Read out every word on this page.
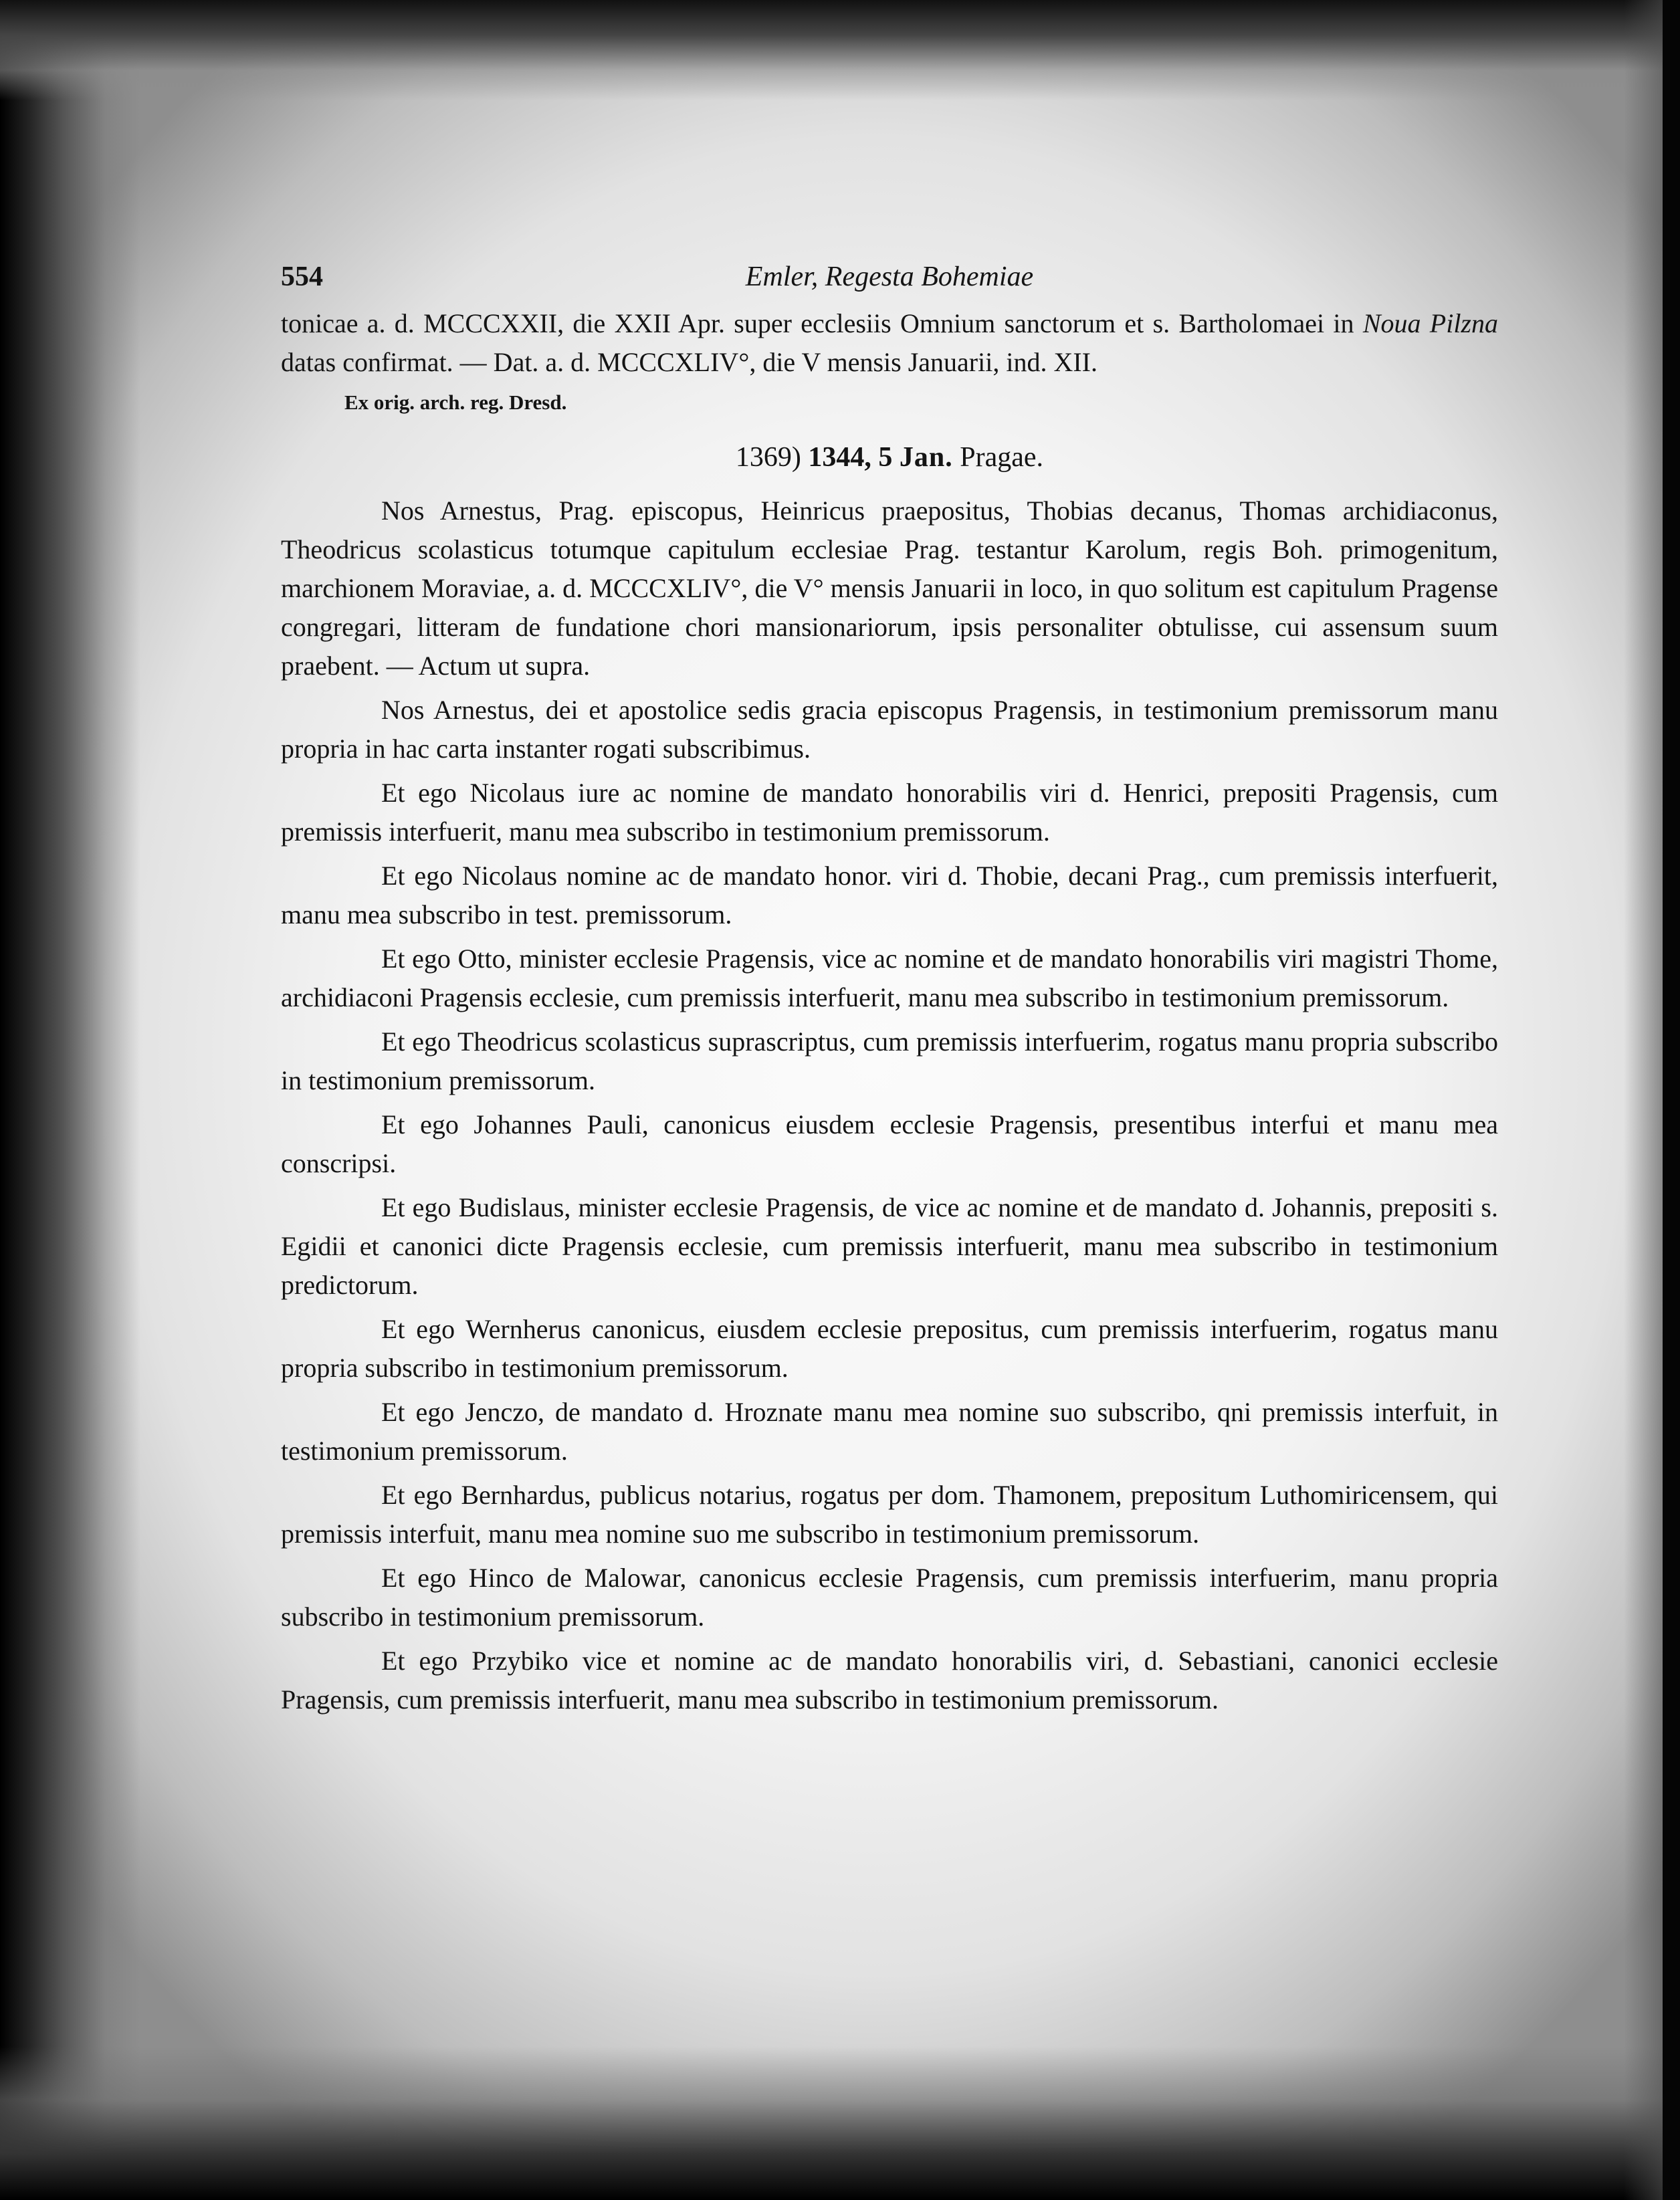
554	Emler, Regesta Bohemiae

tonicae a. d. MCCCXXII, die XXII Apr. super ecclesiis Omnium sanctorum et s. Bartholomaei in Noua Pilzna datas confirmat. — Dat. a. d. MCCCXLIV°, die V mensis Januarii, ind. XII.

Ex orig. arch. reg. Dresd.

1369) 1344, 5 Jan. Pragae.

Nos Arnestus, Prag. episcopus, Heinricus praepositus, Thobias decanus, Thomas archidiaconus, Theodricus scolasticus totumque capitulum ecclesiae Prag. testantur Karolum, regis Boh. primogenitum, marchionem Moraviae, a. d. MCCCXLIV°, die V° mensis Januarii in loco, in quo solitum est capitulum Pragense congregari, litteram de fundatione chori mansionariorum, ipsis personaliter obtulisse, cui assensum suum praebent. — Actum ut supra.

Nos Arnestus, dei et apostolice sedis gracia episcopus Pragensis, in testimonium premissorum manu propria in hac carta instanter rogati subscribimus.

Et ego Nicolaus iure ac nomine de mandato honorabilis viri d. Henrici, prepositi Pragensis, cum premissis interfuerit, manu mea subscribo in testimonium premissorum.

Et ego Nicolaus nomine ac de mandato honor. viri d. Thobie, decani Prag., cum premissis interfuerit, manu mea subscribo in test. premissorum.

Et ego Otto, minister ecclesie Pragensis, vice ac nomine et de mandato honorabilis viri magistri Thome, archidiaconi Pragensis ecclesie, cum premissis interfuerit, manu mea subscribo in testimonium premissorum.

Et ego Theodricus scolasticus suprascriptus, cum premissis interfuerim, rogatus manu propria subscribo in testimonium premissorum.

Et ego Johannes Pauli, canonicus eiusdem ecclesie Pragensis, presentibus interfui et manu mea conscripsi.

Et ego Budislaus, minister ecclesie Pragensis, de vice ac nomine et de mandato d. Johannis, prepositi s. Egidii et canonici dicte Pragensis ecclesie, cum premissis interfuerit, manu mea subscribo in testimonium predictorum.

Et ego Wernherus canonicus, eiusdem ecclesie prepositus, cum premissis interfuerim, rogatus manu propria subscribo in testimonium premissorum.

Et ego Jenczo, de mandato d. Hroznate manu mea nomine suo subscribo, qni premissis interfuit, in testimonium premissorum.

Et ego Bernhardus, publicus notarius, rogatus per dom. Thamonem, prepositum Luthomiricensem, qui premissis interfuit, manu mea nomine suo me subscribo in testimonium premissorum.

Et ego Hinco de Malowar, canonicus ecclesie Pragensis, cum premissis interfuerim, manu propria subscribo in testimonium premissorum.

Et ego Przybiko vice et nomine ac de mandato honorabilis viri, d. Sebastiani, canonici ecclesie Pragensis, cum premissis interfuerit, manu mea subscribo in testimonium premissorum.
